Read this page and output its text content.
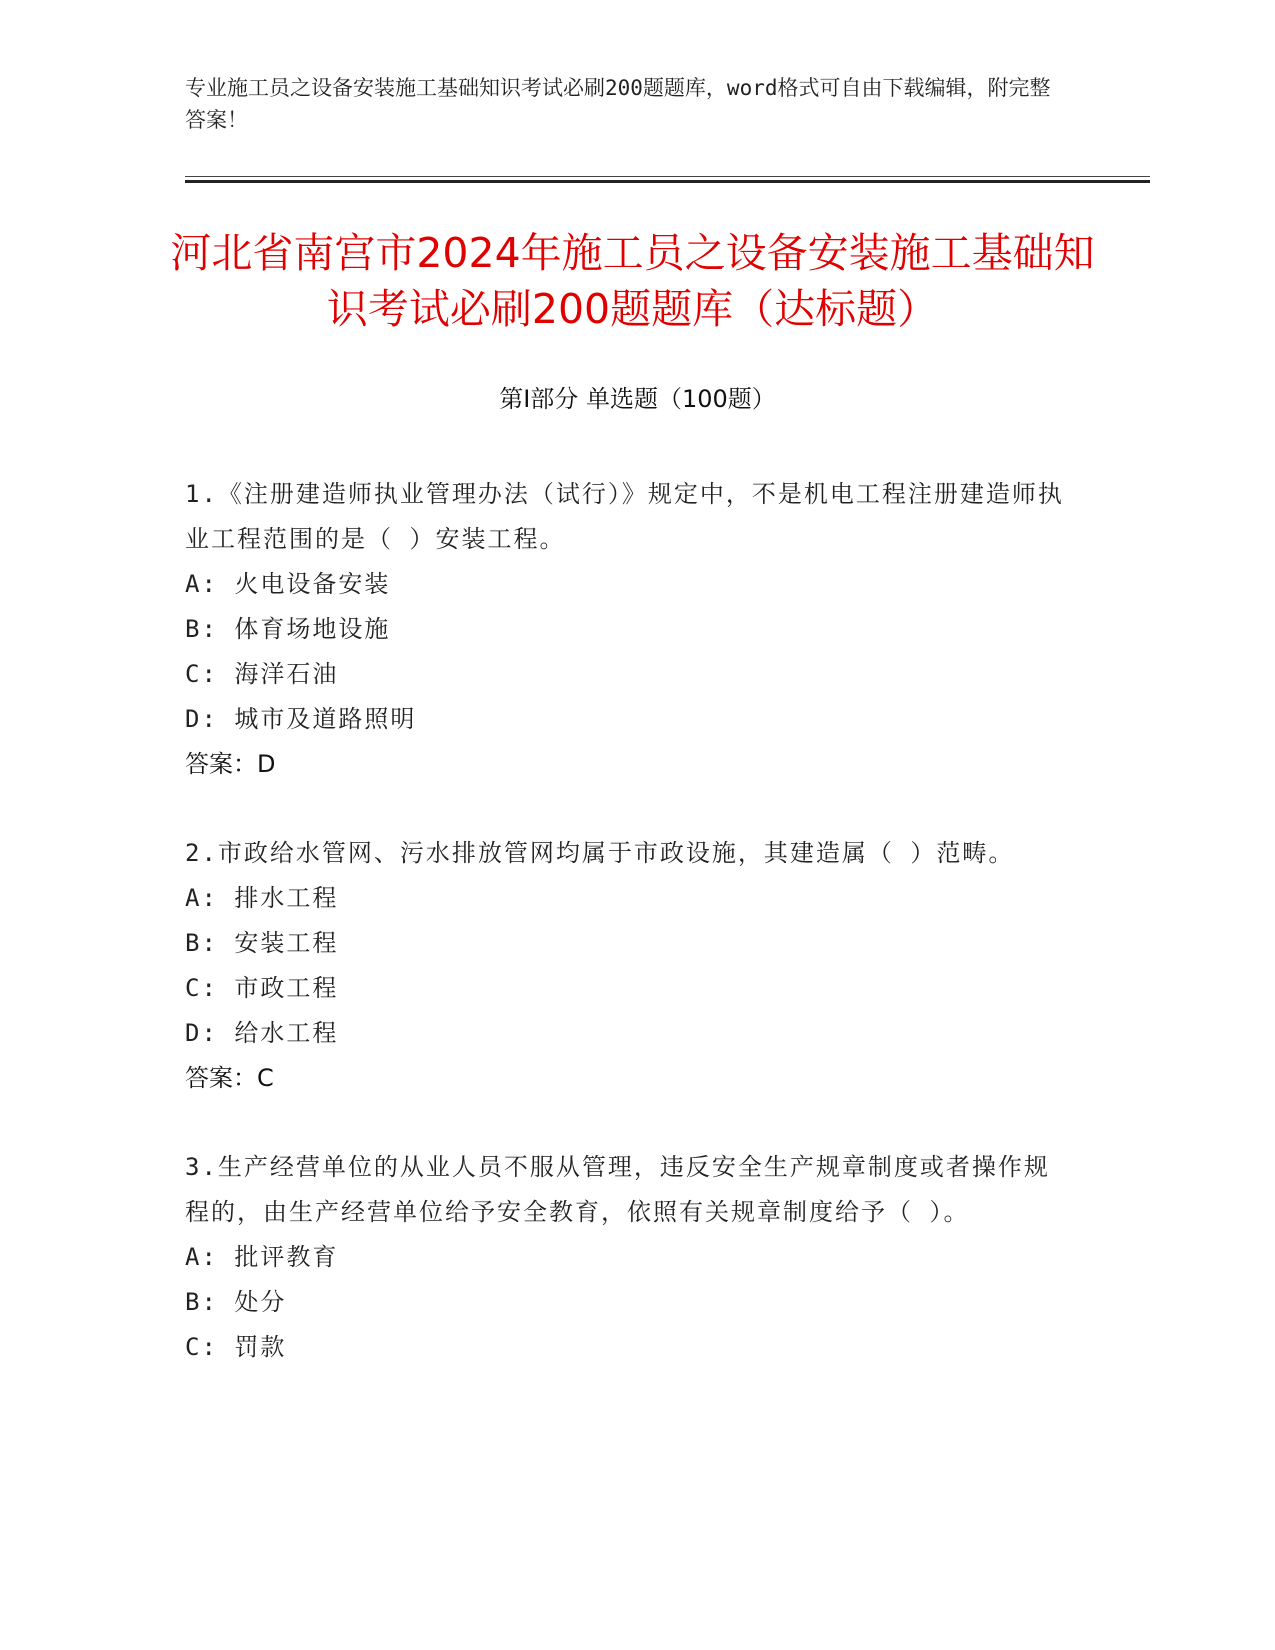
专业施工员之设备安装施工基础知识考试必刷200题题库，word格式可自由下载编辑，附完整答案！
河北省南宫市2024年施工员之设备安装施工基础知识考试必刷200题题库（达标题）
第Ⅰ部分 单选题（100题）
1.《注册建造师执业管理办法（试行）》规定中，不是机电工程注册建造师执业工程范围的是（ ）安装工程。
A: 火电设备安装
B: 体育场地设施
C: 海洋石油
D: 城市及道路照明
答案：D
2.市政给水管网、污水排放管网均属于市政设施，其建造属（ ）范畴。
A: 排水工程
B: 安装工程
C: 市政工程
D: 给水工程
答案：C
3.生产经营单位的从业人员不服从管理，违反安全生产规章制度或者操作规程的，由生产经营单位给予安全教育，依照有关规章制度给予（ ）。
A: 批评教育
B: 处分
C: 罚款
